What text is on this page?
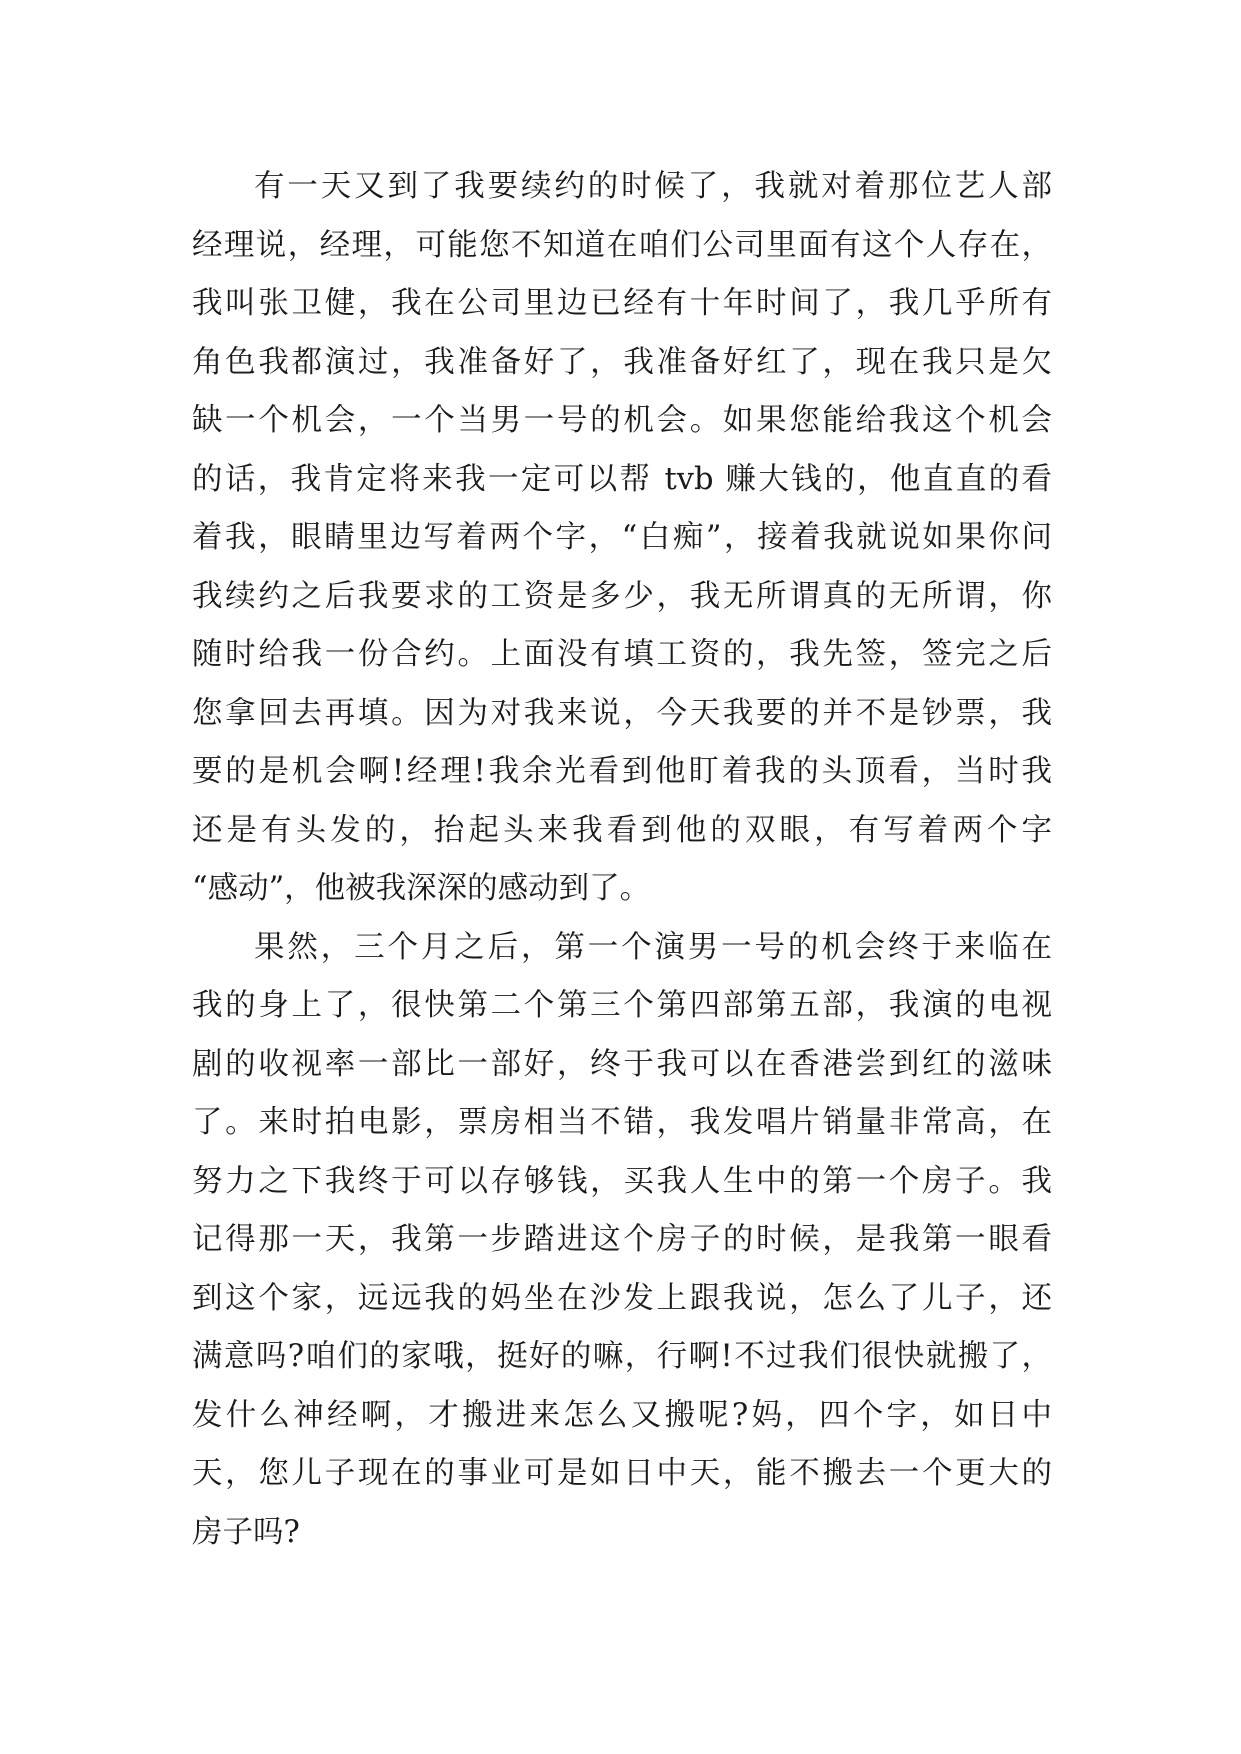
有一天又到了我要续约的时候了，我就对着那位艺人部
经理说，经理，可能您不知道在咱们公司里面有这个人存在，
我叫张卫健，我在公司里边已经有十年时间了，我几乎所有
角色我都演过，我准备好了，我准备好红了，现在我只是欠
缺一个机会，一个当男一号的机会。如果您能给我这个机会
的话，我肯定将来我一定可以帮 tvb 赚大钱的，他直直的看
着我，眼睛里边写着两个字，“白痴”，接着我就说如果你问
我续约之后我要求的工资是多少，我无所谓真的无所谓，你
随时给我一份合约。上面没有填工资的，我先签，签完之后
您拿回去再填。因为对我来说，今天我要的并不是钞票，我
要的是机会啊!经理!我余光看到他盯着我的头顶看，当时我
还是有头发的，抬起头来我看到他的双眼，有写着两个字
“感动”，他被我深深的感动到了。
果然，三个月之后，第一个演男一号的机会终于来临在
我的身上了，很快第二个第三个第四部第五部，我演的电视
剧的收视率一部比一部好，终于我可以在香港尝到红的滋味
了。来时拍电影，票房相当不错，我发唱片销量非常高，在
努力之下我终于可以存够钱，买我人生中的第一个房子。我
记得那一天，我第一步踏进这个房子的时候，是我第一眼看
到这个家，远远我的妈坐在沙发上跟我说，怎么了儿子，还
满意吗?咱们的家哦，挺好的嘛，行啊!不过我们很快就搬了，
发什么神经啊，才搬进来怎么又搬呢?妈，四个字，如日中
天，您儿子现在的事业可是如日中天，能不搬去一个更大的
房子吗?
